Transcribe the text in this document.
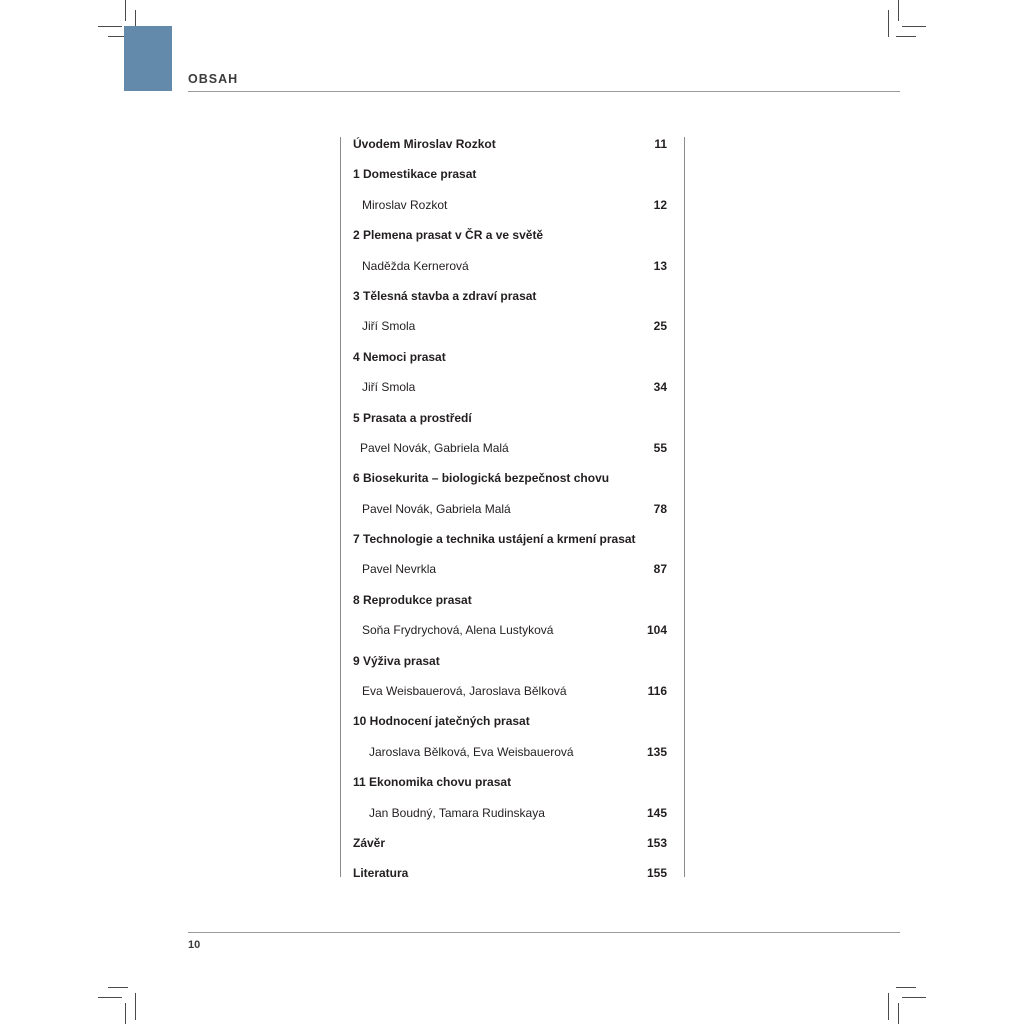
OBSAH
Úvodem Miroslav Rozkot	11
1 Domestikace prasat
Miroslav Rozkot	12
2 Plemena prasat v ČR a ve světě
Naděžda Kernerová	13
3 Tělesná stavba a zdraví prasat
Jiří Smola	25
4 Nemoci prasat
Jiří Smola	34
5 Prasata a prostředí
Pavel Novák, Gabriela Malá	55
6 Biosekurita – biologická bezpečnost chovu
Pavel Novák, Gabriela Malá	78
7 Technologie a technika ustájení a krmení prasat
Pavel Nevrkla	87
8 Reprodukce prasat
Soňa Frydrychová, Alena Lustyková	104
9 Výživa prasat
Eva Weisbauerová, Jaroslava Bělková	116
10 Hodnocení jatečných prasat
Jaroslava Bělková, Eva Weisbauerová	135
11 Ekonomika chovu prasat
Jan Boudný, Tamara Rudinskaya	145
Závěr	153
Literatura	155
10
